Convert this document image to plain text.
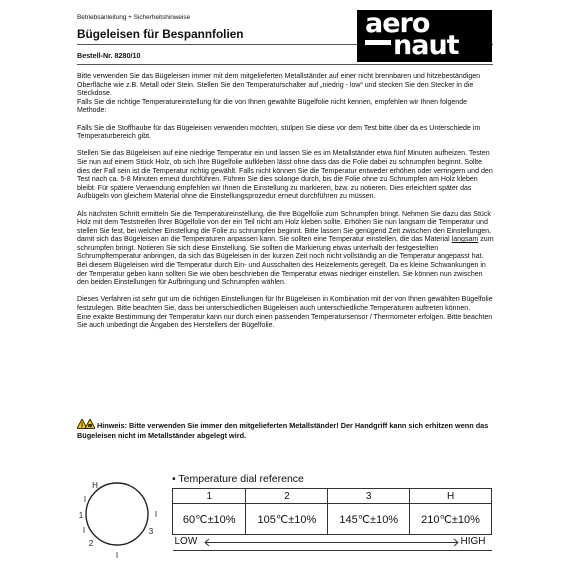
Betriebsanleitung + Sicherheitshinweise
Bügeleisen für Bespannfolien
Bestell-Nr. 8280/10
aero
naut

Bitte verwenden Sie das Bügeleisen immer mit dem mitgelieferten Metallständer auf einer nicht brennbaren und hitzebeständigen Oberfläche wie z.B. Metall oder Stein. Stellen Sie den Temperaturschalter auf „niedrig - low“ und stecken Sie den Stecker in die Steckdose.

Falls Sie die richtige Temperatureinstellung für die von Ihnen gewählte Bügelfolie nicht kennen, empfehlen wir Ihnen folgende Methode:

Falls Sie die Stoffhaube für das Bügeleisen verwenden möchten, stülpen Sie diese vor dem Test bitte über da es Unterschiede im Temperaturbereich gibt.

Stellen Sie das Bügeleisen auf eine niedrige Temperatur ein und lassen Sie es im Metallständer etwa fünf Minuten aufheizen. Testen Sie nun auf einem Stück Holz, ob sich Ihre Bügelfolie aufkleben lässt ohne dass das die Folie dabei zu schrumpfen beginnt. Sollte dies der Fall sein ist die Temperatur richtig gewählt. Falls nicht können Sie die Temperatur entweder erhöhen oder verringern und den Test nach ca. 5-8 Minuten erneut durchführen. Führen Sie dies solange durch, bis die Folie ohne zu Schrumpfen am Holz kleben bleibt. Für spätere Verwendung empfehlen wir Ihnen die Einstellung zu markieren, bzw. zu notieren. Dies erleichtert später das Aufbügeln von gleichem Material ohne die Einstellungsprozedur erneut durchführen zu müssen.

Als nächsten Schritt ermitteln Sie die Temperatureinstellung, die Ihre Bügelfolie zum Schrumpfen bringt. Nehmen Sie dazu das Stück Holz mit dem Teststreifen Ihrer Bügelfolie von der ein Teil nicht am Holz kleben sollte. Erhöhen Sie nun langsam die Temperatur und stellen Sie fest, bei welcher Einstellung die Folie zu schrumpfen beginnt. Bitte lassen Sie genügend Zeit zwischen den Einstellungen, damit sich das Bügeleisen an die Temperaturen anpassen kann. Sie sollten eine Temperatur einstellen, die das Material langsam zum schrumpfen bringt. Notieren Sie sich diese Einstellung. Sie sollten die Markierung etwas unterhalb der festgestellten Schrumpftemperatur anbringen, da sich das Bügeleisen in der kurzen Zeit noch nicht vollständig an die Temperatur angepasst hat.

Bei diesem Bügeleisen wird die Temperatur durch Ein- und Ausschalten des Heizelements geregelt. Da es kleine Schwankungen in der Temperatur geben kann sollten Sie wie oben beschrieben die Temperatur etwas niedriger einstellen. Sie können nun zwischen den beiden Einstellungen für Aufbringung und Schrumpfen wählen.

Dieses Verfahren ist sehr gut um die richtigen Einstellungen für Ihr Bügeleisen in Kombination mit der von Ihnen gewählten Bügelfolie festzulegen. Bitte beachten Sie, dass bei unterschiedlichen Bügeleisen auch unterschiedliche Temperaturen auftreten können.

Eine exakte Bestimmung der Temperatur kann nur durch einen passenden Temperatursensor / Thermometer erfolgen. Bitte beachten Sie auch unbedingt die Angaben des Herstellers der Bügelfolie.

! ≋ Hinweis: Bitte verwenden Sie immer den mitgelieferten Metallständer! Der Handgriff kann sich erhitzen wenn das Bügeleisen nicht im Metallständer abgelegt wird.
H
I
1
I
2
I
3
I
• Temperature dial reference
1	2	3	H
60℃±10%	105℃±10%	145℃±10%	210℃±10%

LOW HIGH			
